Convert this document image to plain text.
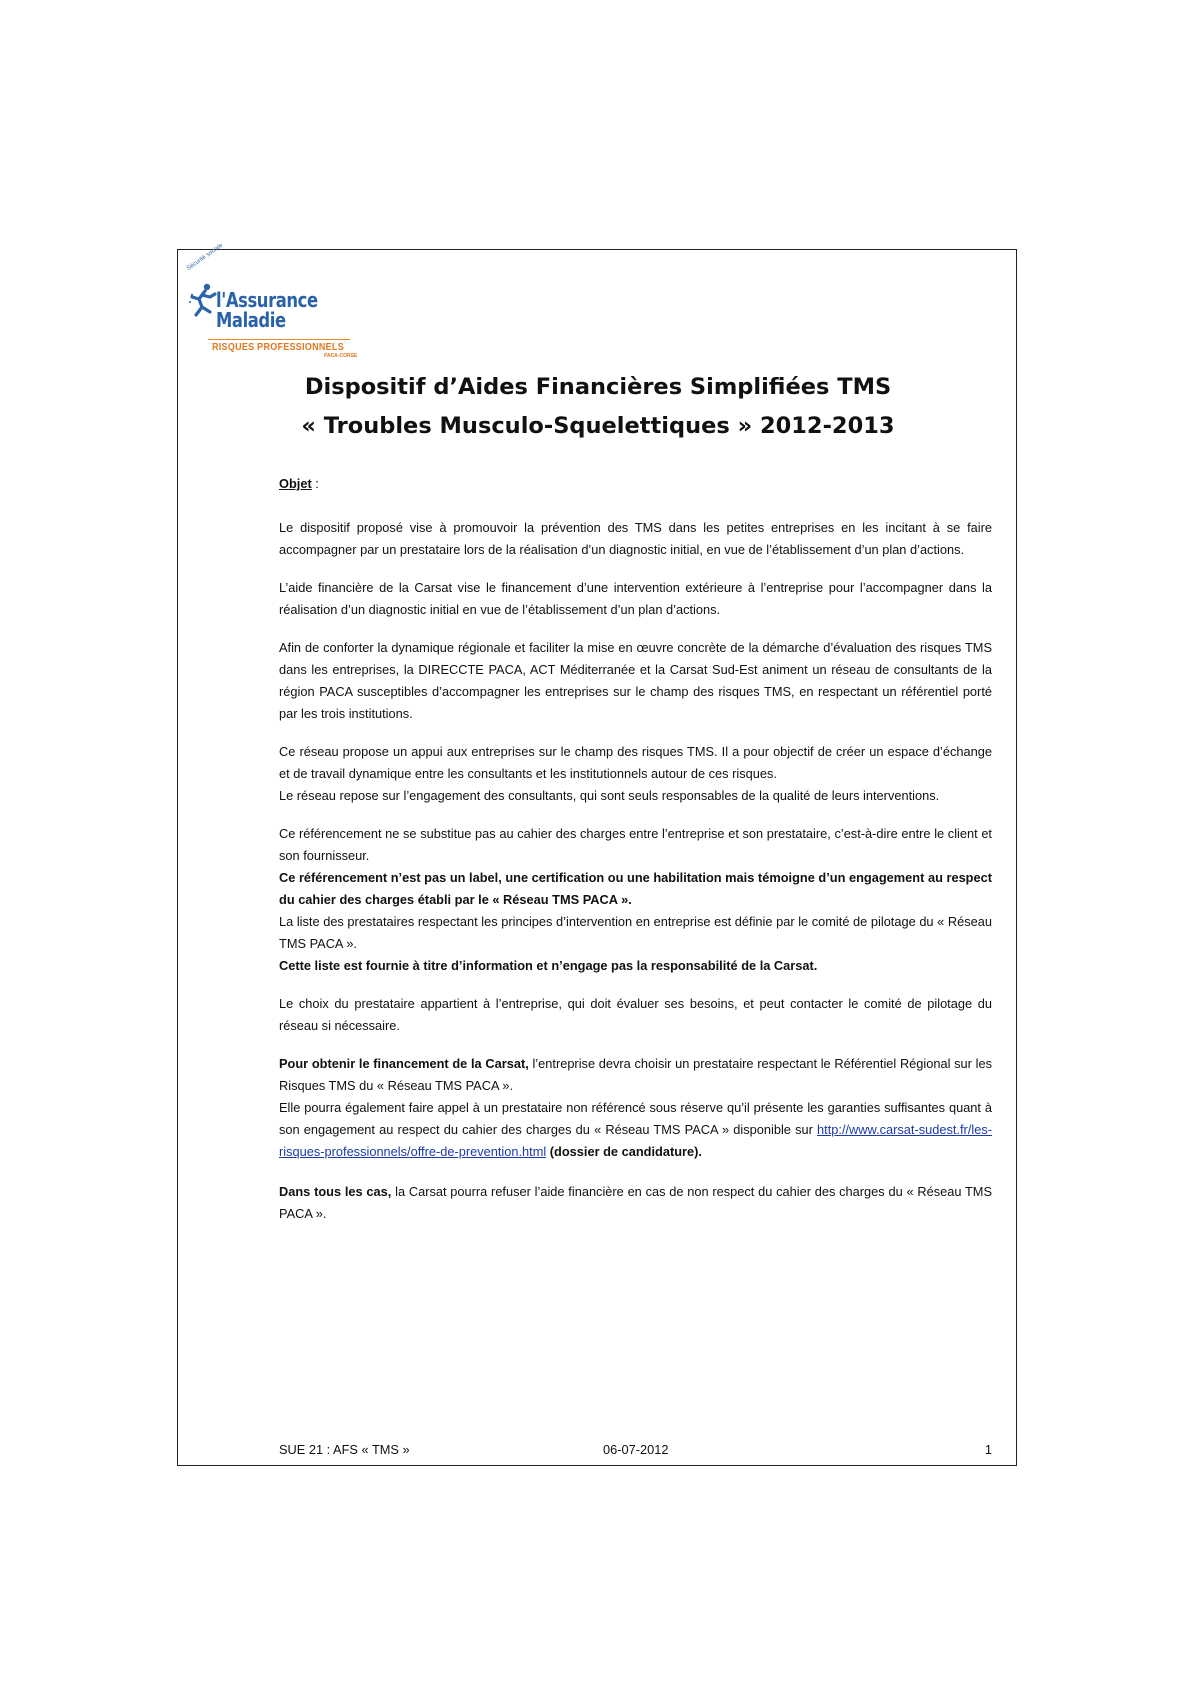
Sécurité sociale
l'Assurance
Maladie
RISQUES PROFESSIONNELS
PACA-CORSE
Dispositif d’Aides Financières Simplifiées TMS
« Troubles Musculo-Squelettiques » 2012-2013

Objet :

Le dispositif proposé vise à promouvoir la prévention des TMS dans les petites entreprises en les incitant à se faire accompagner par un prestataire lors de la réalisation d’un diagnostic initial, en vue de l’établissement d’un plan d’actions.

L’aide financière de la Carsat vise le financement d’une intervention extérieure à l’entreprise pour l’accompagner dans la réalisation d’un diagnostic initial en vue de l’établissement d’un plan d’actions.

Afin de conforter la dynamique régionale et faciliter la mise en œuvre concrète de la démarche d’évaluation des risques TMS dans les entreprises, la DIRECCTE PACA, ACT Méditerranée et la Carsat Sud-Est animent un réseau de consultants de la région PACA susceptibles d’accompagner les entreprises sur le champ des risques TMS, en respectant un référentiel porté par les trois institutions.

Ce réseau propose un appui aux entreprises sur le champ des risques TMS. Il a pour objectif de créer un espace d’échange et de travail dynamique entre les consultants et les institutionnels autour de ces risques.
Le réseau repose sur l’engagement des consultants, qui sont seuls responsables de la qualité de leurs interventions.

Ce référencement ne se substitue pas au cahier des charges entre l’entreprise et son prestataire, c’est-à-dire entre le client et son fournisseur.
Ce référencement n’est pas un label, une certification ou une habilitation mais témoigne d’un engagement au respect du cahier des charges établi par le « Réseau TMS PACA ».
La liste des prestataires respectant les principes d’intervention en entreprise est définie par le comité de pilotage du « Réseau TMS PACA ».
Cette liste est fournie à titre d’information et n’engage pas la responsabilité de la Carsat.

Le choix du prestataire appartient à l’entreprise, qui doit évaluer ses besoins, et peut contacter le comité de pilotage du réseau si nécessaire.

Pour obtenir le financement de la Carsat, l’entreprise devra choisir un prestataire respectant le Référentiel Régional sur les Risques TMS du « Réseau TMS PACA ».

Elle pourra également faire appel à un prestataire non référencé sous réserve qu’il présente les garanties suffisantes quant à son engagement au respect du cahier des charges du « Réseau TMS PACA » disponible sur http://www.carsat-sudest.fr/les-risques-professionnels/offre-de-prevention.html (dossier de candidature).

Dans tous les cas, la Carsat pourra refuser l’aide financière en cas de non respect du cahier des charges du « Réseau TMS PACA ».

SUE 21 : AFS « TMS »	06-07-2012	1
